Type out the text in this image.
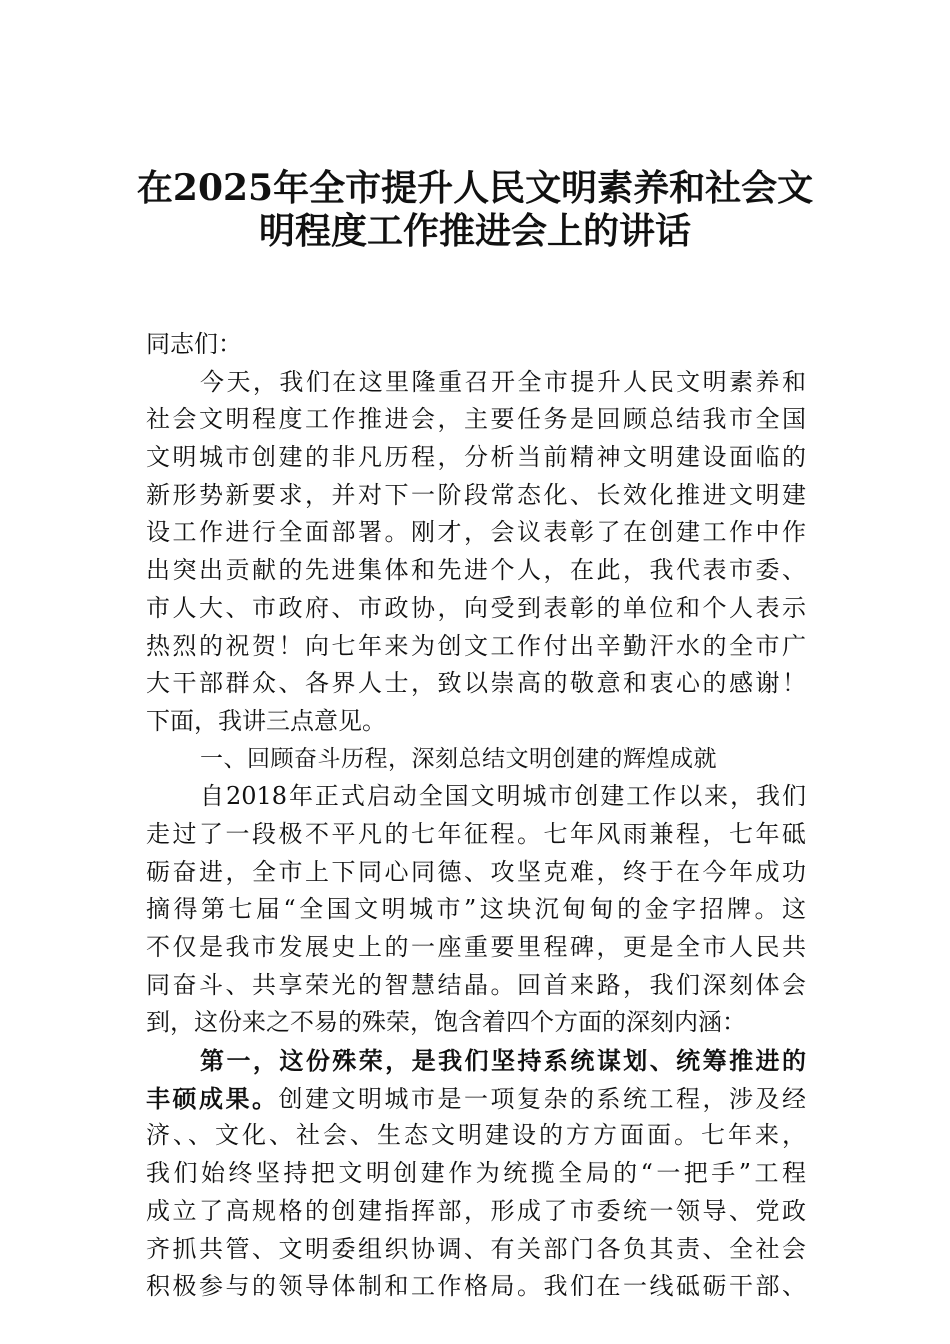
在2025年全市提升人民文明素养和社会文
明程度工作推进会上的讲话
同志们：
今天，我们在这里隆重召开全市提升人民文明素养和
社会文明程度工作推进会，主要任务是回顾总结我市全国
文明城市创建的非凡历程，分析当前精神文明建设面临的
新形势新要求，并对下一阶段常态化、长效化推进文明建
设工作进行全面部署。刚才，会议表彰了在创建工作中作
出突出贡献的先进集体和先进个人，在此，我代表市委、
市人大、市政府、市政协，向受到表彰的单位和个人表示
热烈的祝贺！向七年来为创文工作付出辛勤汗水的全市广
大干部群众、各界人士，致以崇高的敬意和衷心的感谢！
下面，我讲三点意见。
一、回顾奋斗历程，深刻总结文明创建的辉煌成就
自2018年正式启动全国文明城市创建工作以来，我们
走过了一段极不平凡的七年征程。七年风雨兼程，七年砥
砺奋进，全市上下同心同德、攻坚克难，终于在今年成功
摘得第七届“全国文明城市”这块沉甸甸的金字招牌。这
不仅是我市发展史上的一座重要里程碑，更是全市人民共
同奋斗、共享荣光的智慧结晶。回首来路，我们深刻体会
到，这份来之不易的殊荣，饱含着四个方面的深刻内涵：
第一，这份殊荣，是我们坚持系统谋划、统筹推进的
丰硕成果。创建文明城市是一项复杂的系统工程，涉及经
济、、文化、社会、生态文明建设的方方面面。七年来，
我们始终坚持把文明创建作为统揽全局的“一把手”工程
成立了高规格的创建指挥部，形成了市委统一领导、党政
齐抓共管、文明委组织协调、有关部门各负其责、全社会
积极参与的领导体制和工作格局。我们在一线砥砺干部、
